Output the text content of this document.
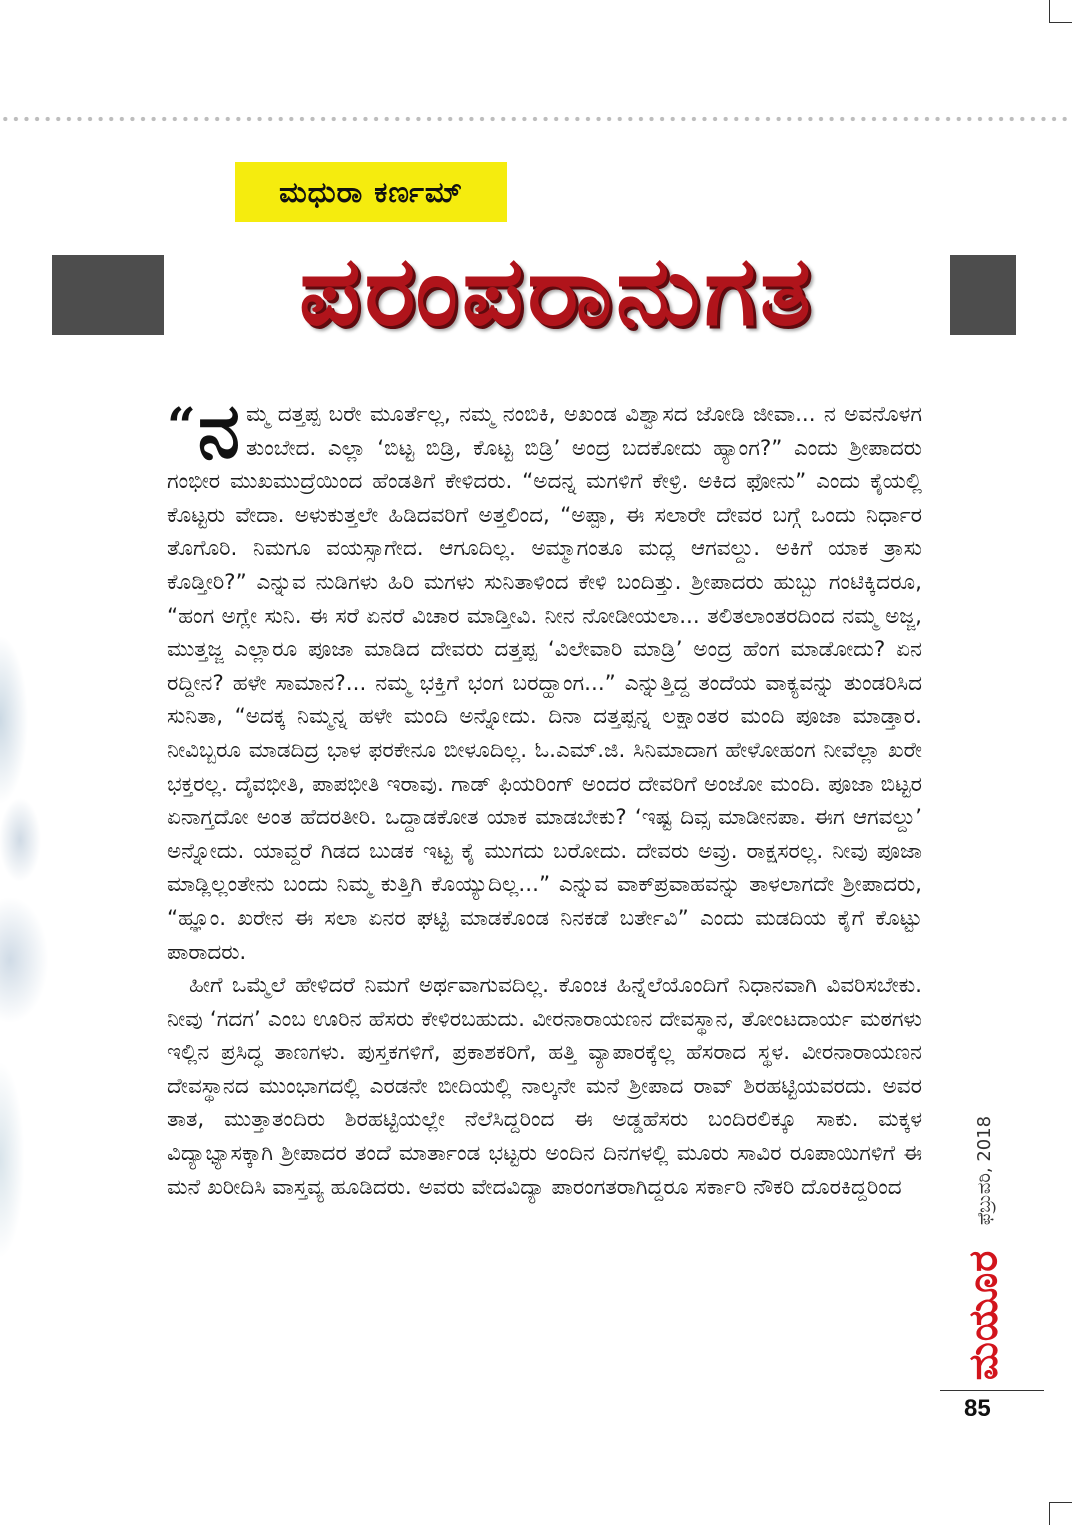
ಮಧುರಾ ಕರ್ಣಮ್
ಪರಂಪರಾನುಗತ

“ ನ ಮ್ಮ ದತ್ತಪ್ಪ ಬರೇ ಮೂರ್ತೆಲ್ಲ, ನಮ್ಮ ನಂಬಿಕಿ, ಅಖಂಡ ವಿಶ್ವಾಸದ ಜೋಡಿ ಜೀವಾ... ನ ಅವನೊಳಗ ತುಂಬೇದ. ಎಲ್ಲಾ ‘ಬಿಟ್ಟ ಬಿಡ್ರಿ, ಕೊಟ್ಟ ಬಿಡ್ರಿ’ ಅಂದ್ರ ಬದಕೋದು ಹ್ಯಾಂಗ?” ಎಂದು ಶ್ರೀಪಾದರು ಗಂಭೀರ ಮುಖಮುದ್ರೆಯಿಂದ ಹೆಂಡತಿಗೆ ಕೇಳಿದರು. “ಅದನ್ನ ಮಗಳಿಗೆ ಕೇಳ್ರಿ. ಅಕಿದ ಫೋನು” ಎಂದು ಕೈಯಲ್ಲಿ ಕೊಟ್ಟರು ವೇದಾ. ಅಳುಕುತ್ತಲೇ ಹಿಡಿದವರಿಗೆ ಅತ್ತಲಿಂದ, “ಅಪ್ಪಾ, ಈ ಸಲಾರೇ ದೇವರ ಬಗ್ಗೆ ಒಂದು ನಿರ್ಧಾರ ತೊಗೊರಿ. ನಿಮಗೂ ವಯಸ್ಸಾಗೇದ. ಆಗೂದಿಲ್ಲ. ಅಮ್ಮಾಗಂತೂ ಮದ್ಲ ಆಗವಲ್ದು. ಅಕಿಗೆ ಯಾಕ ತ್ರಾಸು ಕೊಡ್ತೀರಿ?” ಎನ್ನುವ ನುಡಿಗಳು ಹಿರಿ ಮಗಳು ಸುನಿತಾಳಿಂದ ಕೇಳಿ ಬಂದಿತ್ತು. ಶ್ರೀಪಾದರು ಹುಬ್ಬು ಗಂಟಿಕ್ಕಿದರೂ, “ಹಂಗ ಅಗ್ಲೇ ಸುನಿ. ಈ ಸರೆ ಏನರೆ ವಿಚಾರ ಮಾಡ್ತೀವಿ. ನೀನ ನೋಡೀಯಲಾ... ತಲಿತಲಾಂತರದಿಂದ ನಮ್ಮ ಅಜ್ಜ, ಮುತ್ತಜ್ಜ ಎಲ್ಲಾರೂ ಪೂಜಾ ಮಾಡಿದ ದೇವರು ದತ್ತಪ್ಪ ‘ವಿಲೇವಾರಿ ಮಾಡ್ರಿ’ ಅಂದ್ರ ಹೆಂಗ ಮಾಡೋದು? ಏನ ರದ್ದೀನ? ಹಳೇ ಸಾಮಾನ?... ನಮ್ಮ ಭಕ್ತಿಗೆ ಭಂಗ ಬರದ್ಹಾಂಗ...” ಎನ್ನುತ್ತಿದ್ದ ತಂದೆಯ ವಾಕ್ಯವನ್ನು ತುಂಡರಿಸಿದ ಸುನಿತಾ, “ಅದಕ್ಕ ನಿಮ್ಮನ್ನ ಹಳೇ ಮಂದಿ ಅನ್ನೋದು. ದಿನಾ ದತ್ತಪ್ಪನ್ನ ಲಕ್ಷಾಂತರ ಮಂದಿ ಪೂಜಾ ಮಾಡ್ತಾರ. ನೀವಿಬ್ಬರೂ ಮಾಡದಿದ್ರ ಭಾಳ ಫರಕೇನೂ ಬೀಳೂದಿಲ್ಲ. ಓ.ಎಮ್.ಜಿ. ಸಿನಿಮಾದಾಗ ಹೇಳೋಹಂಗ ನೀವೆಲ್ಲಾ ಖರೇ ಭಕ್ತರಲ್ಲ. ದೈವಭೀತಿ, ಪಾಪಭೀತಿ ಇರಾವು. ಗಾಡ್ ಫಿಯರಿಂಗ್ ಅಂದರ ದೇವರಿಗೆ ಅಂಜೋ ಮಂದಿ. ಪೂಜಾ ಬಿಟ್ಟರ ಏನಾಗ್ತದೋ ಅಂತ ಹೆದರತೀರಿ. ಒದ್ದಾಡಕೋತ ಯಾಕ ಮಾಡಬೇಕು? ‘ಇಷ್ಟ ದಿವ್ಸ ಮಾಡೀನಪಾ. ಈಗ ಆಗವಲ್ದು’ ಅನ್ನೋದು. ಯಾವ್ದರೆ ಗಿಡದ ಬುಡಕ ಇಟ್ಟ ಕೈ ಮುಗದು ಬರೋದು. ದೇವರು ಅವ್ರು. ರಾಕ್ಷಸರಲ್ಲ. ನೀವು ಪೂಜಾ ಮಾಡ್ಲಿಲ್ಲಂತೇನು ಬಂದು ನಿಮ್ಮ ಕುತ್ತಿಗಿ ಕೊಯ್ಯುದಿಲ್ಲ...” ಎನ್ನುವ ವಾಕ್‍ಪ್ರವಾಹವನ್ನು ತಾಳಲಾಗದೇ ಶ್ರೀಪಾದರು, “ಹ್ಞೂಂ. ಖರೇನ ಈ ಸಲಾ ಏನರ ಘಟ್ಟಿ ಮಾಡಕೊಂಡ ನಿನಕಡೆ ಬರ್ತೇವಿ” ಎಂದು ಮಡದಿಯ ಕೈಗೆ ಕೊಟ್ಟು ಪಾರಾದರು.

ಹೀಗೆ ಒಮ್ಮೆಲೆ ಹೇಳಿದರೆ ನಿಮಗೆ ಅರ್ಥವಾಗುವದಿಲ್ಲ. ಕೊಂಚ ಹಿನ್ನೆಲೆಯೊಂದಿಗೆ ನಿಧಾನವಾಗಿ ವಿವರಿಸಬೇಕು. ನೀವು ‘ಗದಗ’ ಎಂಬ ಊರಿನ ಹೆಸರು ಕೇಳಿರಬಹುದು. ವೀರನಾರಾಯಣನ ದೇವಸ್ಥಾನ, ತೋಂಟದಾರ್ಯ ಮಠಗಳು ಇಲ್ಲಿನ ಪ್ರಸಿದ್ಧ ತಾಣಗಳು. ಪುಸ್ತಕಗಳಿಗೆ, ಪ್ರಕಾಶಕರಿಗೆ, ಹತ್ತಿ ವ್ಯಾಪಾರಕ್ಕೆಲ್ಲ ಹೆಸರಾದ ಸ್ಥಳ. ವೀರನಾರಾಯಣನ ದೇವಸ್ಥಾನದ ಮುಂಭಾಗದಲ್ಲಿ ಎರಡನೇ ಬೀದಿಯಲ್ಲಿ ನಾಲ್ಕನೇ ಮನೆ ಶ್ರೀಪಾದ ರಾವ್ ಶಿರಹಟ್ಟಿಯವರದು. ಅವರ ತಾತ, ಮುತ್ತಾತಂದಿರು ಶಿರಹಟ್ಟಿಯಲ್ಲೇ ನೆಲೆಸಿದ್ದರಿಂದ ಈ ಅಡ್ಡಹೆಸರು ಬಂದಿರಲಿಕ್ಕೂ ಸಾಕು. ಮಕ್ಕಳ ವಿದ್ಯಾಭ್ಯಾಸಕ್ಕಾಗಿ ಶ್ರೀಪಾದರ ತಂದೆ ಮಾರ್ತಾಂಡ ಭಟ್ಟರು ಅಂದಿನ ದಿನಗಳಲ್ಲಿ ಮೂರು ಸಾವಿರ ರೂಪಾಯಿಗಳಿಗೆ ಈ ಮನೆ ಖರೀದಿಸಿ ವಾಸ್ತವ್ಯ ಹೂಡಿದರು. ಅವರು ವೇದವಿದ್ಯಾ ಪಾರಂಗತರಾಗಿದ್ದರೂ ಸರ್ಕಾರಿ ನೌಕರಿ ದೊರಕಿದ್ದರಿಂದ	ಫೆಬ್ರುವರಿ, 2018
ಮಯೂರ
85
